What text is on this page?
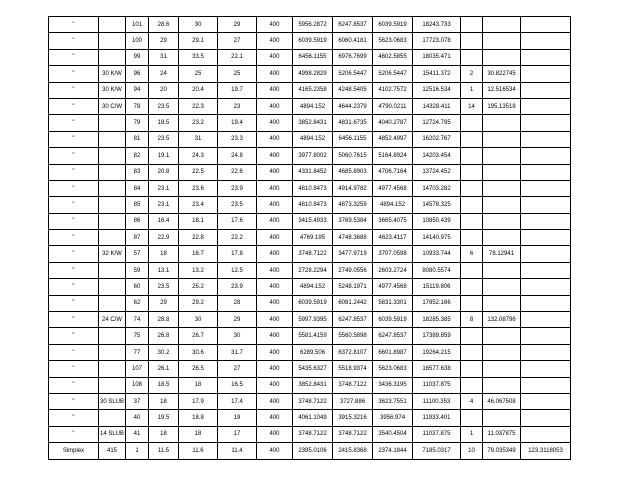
"		101	28.6	30	29	400	5956.2872	6247.8537	6039.5919	18243.733			
"		100	29	29.1	27	400	6039.5919	6060.4181	5623.0683	17723.078			
"		99	31	33.5	22.1	400	6456.1155	6976.7699	4602.5855	18035.471			
"	30 K/W	96	24	25	25	400	4998.2829	5206.5447	5206.5447	15411.372	2	30.822745	
"	30 K/W	94	20	20.4	19.7	400	4165.2358	4248.5405	4102.7572	12516.534	1	12.516534	
"	30 C/W	78	23.5	22.3	23	400	4894.152	4644.2379	4790.0211	14328.411	14	195.13518	
"		79	18.5	23.2	19.4	400	3852.8431	4831.6735	4040.2787	12724.795			
"		81	23.5	31	23.3	400	4894.152	6456.1155	4852.4997	16202.767			
"		82	19.1	24.3	24.8	400	3977.8002	5060.7615	5164.8924	14203.454			
"		83	20.8	22.5	22.6	400	4331.8452	4685.8903	4706.7164	13724.452			
"		84	23.1	23.6	23.9	400	4810.8473	4914.9782	4977.4568	14703.282			
"		85	23.1	23.4	23.5	400	4810.8473	4873.3259	4894.152	14578.325			
"		86	16.4	18.1	17.6	400	3415.4933	3769.5384	3665.4075	10850.439			
"		87	22.9	22.8	22.2	400	4769.195	4748.3688	4623.4117	14140.975			
"	32 K/W	57	18	16.7	17.8	400	3748.7122	3477.9719	3707.0598	10933.744	6	78.12941	
"		59	13.1	13.2	12.5	400	2728.2294	2749.0556	2603.2724	8080.5574			
"		60	23.5	25.2	23.9	400	4894.152	5248.1971	4977.4568	15119.806			
"		62	29	29.2	28	400	6039.5919	6081.2442	5831.3301	17952.166			
"	24 C/W	74	28.8	30	29	400	5997.9395	6247.8537	6039.5919	18285.385	8	132.08796	
"		75	26.8	26.7	30	400	5581.4159	5560.5898	6247.8537	17389.859			
"		77	30.2	30.6	31.7	400	6289.506	6372.8107	6601.8987	19264.215			
"		107	26.1	26.5	27	400	5435.6327	5518.9374	5623.0683	16577.638			
"		108	18.5	18	16.5	400	3852.8431	3748.7122	3436.3195	11037.875			
"	30 SLUB	37	18	17.9	17.4	400	3748.7122	3727.886	3623.7551	11100.353	4	46.067508	
"		40	19.5	18.8	19	400	4061.1049	3915.3216	3956.974	11933.401			
"	14 SLUB	41	18	18	17	400	3748.7122	3748.7122	3540.4504	11037.875	1	11.037875	
Simplex	415	1	11.5	11.6	11.4	400	2395.0106	2415.8368	2374.1844	7185.0317	10	79.035349	123.3118053
